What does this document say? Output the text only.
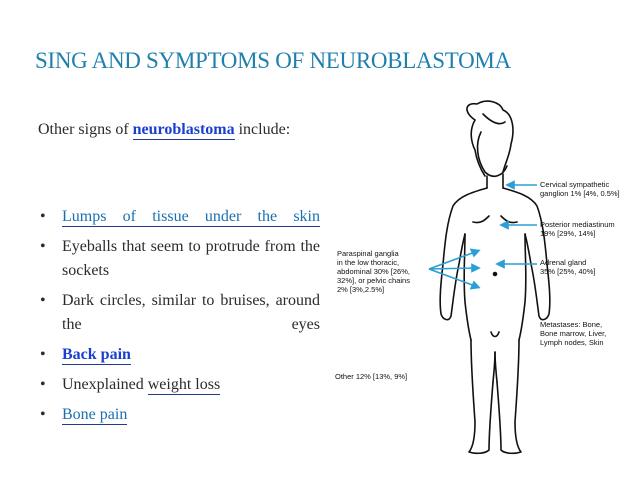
SING AND SYMPTOMS OF NEUROBLASTOMA
Other signs of neuroblastoma include:
• Lumps of tissue under the skin
• Eyeballs that seem to protrude from the sockets
• Dark circles, similar to bruises, around the eyes
• Back pain
• Unexplained weight loss
• Bone pain
Cervical sympathetic
ganglion 1% [4%, 0.5%]
Posterior mediastinum
19% [29%, 14%]
Adrenal gland
35% [25%, 40%]
Paraspinal ganglia
in the low thoracic,
abdominal 30% [26%,
32%], or pelvic chains
2% [3%,2.5%]
Metastases: Bone,
Bone marrow, Liver,
Lymph nodes, Skin
Other 12% [13%, 9%]
